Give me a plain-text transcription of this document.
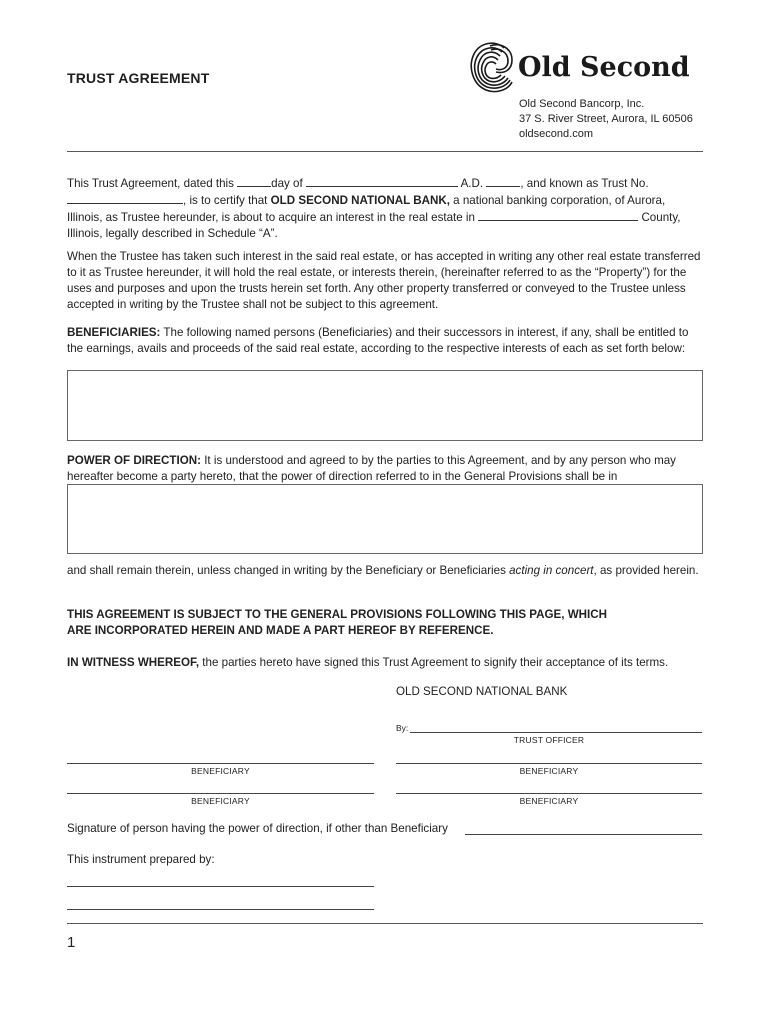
TRUST AGREEMENT	Old Second
Old Second Bancorp, Inc.
37 S. River Street, Aurora, IL 60506
oldsecond.com
This Trust Agreement, dated this	day of	A.D.	, and known as Trust No.
, is to certify that OLD SECOND NATIONAL BANK, a national banking corporation, of Aurora,
Illinois, as Trustee hereunder, is about to acquire an interest in the real estate in	County,
Illinois, legally described in Schedule “A”.
When the Trustee has taken such interest in the said real estate, or has accepted in writing any other real estate transferred to it as Trustee hereunder, it will hold the real estate, or interests therein, (hereinafter referred to as the “Property”) for the uses and purposes and upon the trusts herein set forth. Any other property transferred or conveyed to the Trustee unless accepted in writing by the Trustee shall not be subject to this agreement.
BENEFICIARIES: The following named persons (Beneficiaries) and their successors in interest, if any, shall be entitled to the earnings, avails and proceeds of the said real estate, according to the respective interests of each as set forth below:
POWER OF DIRECTION: It is understood and agreed to by the parties to this Agreement, and by any person who may hereafter become a party hereto, that the power of direction referred to in the General Provisions shall be in
and shall remain therein, unless changed in writing by the Beneficiary or Beneficiaries acting in concert, as provided herein.
THIS AGREEMENT IS SUBJECT TO THE GENERAL PROVISIONS FOLLOWING THIS PAGE, WHICH
ARE INCORPORATED HEREIN AND MADE A PART HEREOF BY REFERENCE.
IN WITNESS WHEREOF, the parties hereto have signed this Trust Agreement to signify their acceptance of its terms.
OLD SECOND NATIONAL BANK
By:
TRUST OFFICER
BENEFICIARY	BENEFICIARY
BENEFICIARY	BENEFICIARY
Signature of person having the power of direction, if other than Beneficiary
This instrument prepared by:
1
